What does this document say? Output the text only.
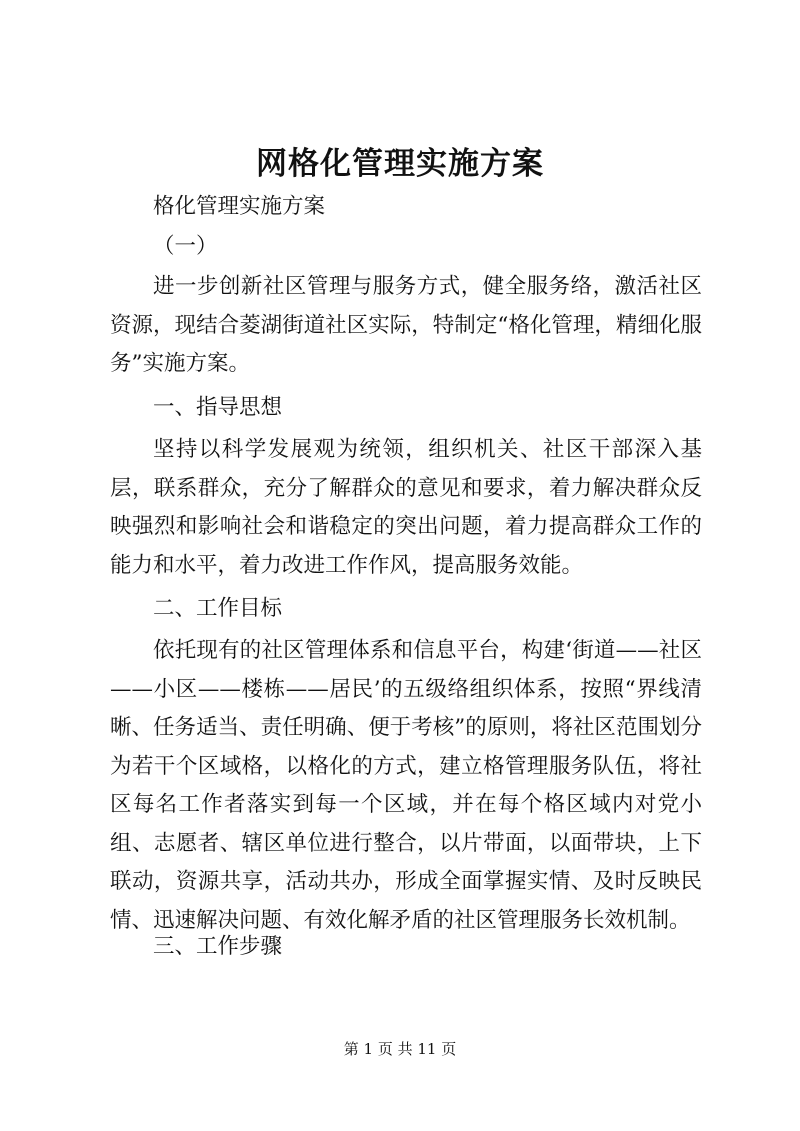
网格化管理实施方案

格化管理实施方案

（一）

进一步创新社区管理与服务方式，健全服务络，激活社区资源，现结合菱湖街道社区实际，特制定“格化管理，精细化服务”实施方案。

一、指导思想

坚持以科学发展观为统领，组织机关、社区干部深入基层，联系群众，充分了解群众的意见和要求，着力解决群众反映强烈和影响社会和谐稳定的突出问题，着力提高群众工作的能力和水平，着力改进工作作风，提高服务效能。

二、工作目标

依托现有的社区管理体系和信息平台，构建‘街道——社区——小区——楼栋——居民’的五级络组织体系，按照“界线清晰、任务适当、责任明确、便于考核”的原则，将社区范围划分为若干个区域格，以格化的方式，建立格管理服务队伍，将社区每名工作者落实到每一个区域，并在每个格区域内对党小组、志愿者、辖区单位进行整合，以片带面，以面带块，上下联动，资源共享，活动共办，形成全面掌握实情、及时反映民情、迅速解决问题、有效化解矛盾的社区管理服务长效机制。

三、工作步骤

第 1 页 共 11 页
